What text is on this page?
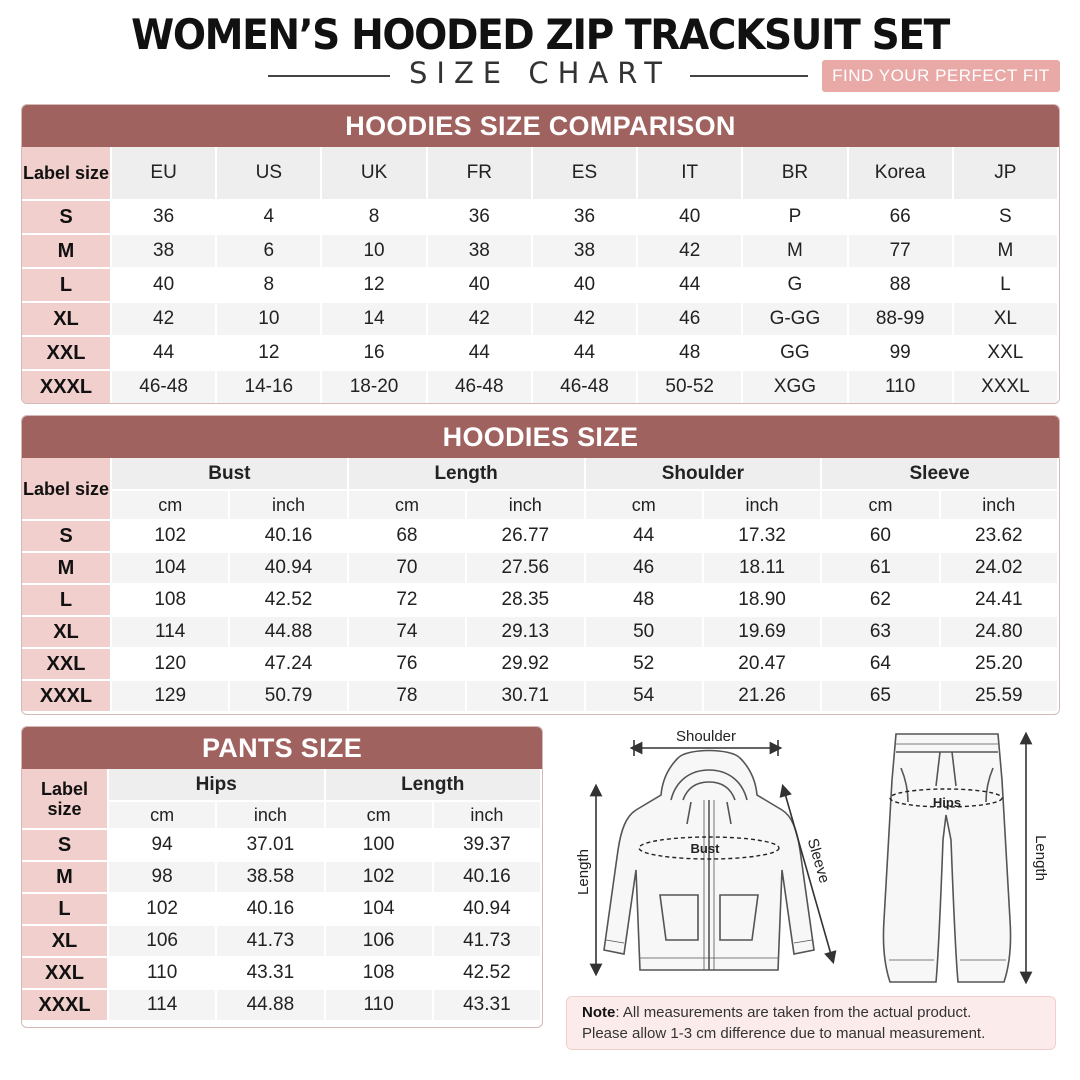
WOMEN’S HOODED ZIP TRACKSUIT SET
SIZE CHART	FIND YOUR PERFECT FIT
HOODIES SIZE COMPARISON
Label size	EU	US	UK	FR	ES	IT	BR	Korea	JP
S	36	4	8	36	36	40	P	66	S
M	38	6	10	38	38	42	M	77	M
L	40	8	12	40	40	44	G	88	L
XL	42	10	14	42	42	46	G-GG	88-99	XL
XXL	44	12	16	44	44	48	GG	99	XXL
XXXL	46-48	14-16	18-20	46-48	46-48	50-52	XGG	110	XXXL
HOODIES SIZE
Label size	Bust		Length		Shoulder		Sleeve	
	cm	inch	cm	inch	cm	inch	cm	inch
S	102	40.16	68	26.77	44	17.32	60	23.62
M	104	40.94	70	27.56	46	18.11	61	24.02
L	108	42.52	72	28.35	48	18.90	62	24.41
XL	114	44.88	74	29.13	50	19.69	63	24.80
XXL	120	47.24	76	29.92	52	20.47	64	25.20
XXXL	129	50.79	78	30.71	54	21.26	65	25.59
PANTS SIZE
Label size	Hips		Length	
	cm	inch	cm	inch
S	94	37.01	100	39.37
M	98	38.58	102	40.16
L	102	40.16	104	40.94
XL	106	41.73	106	41.73
XXL	110	43.31	108	42.52
XXXL	114	44.88	110	43.31
Shoulder
Bust
Length	Sleeve
Hips
Length
Note: All measurements are taken from the actual product.
Please allow 1-3 cm difference due to manual measurement.
